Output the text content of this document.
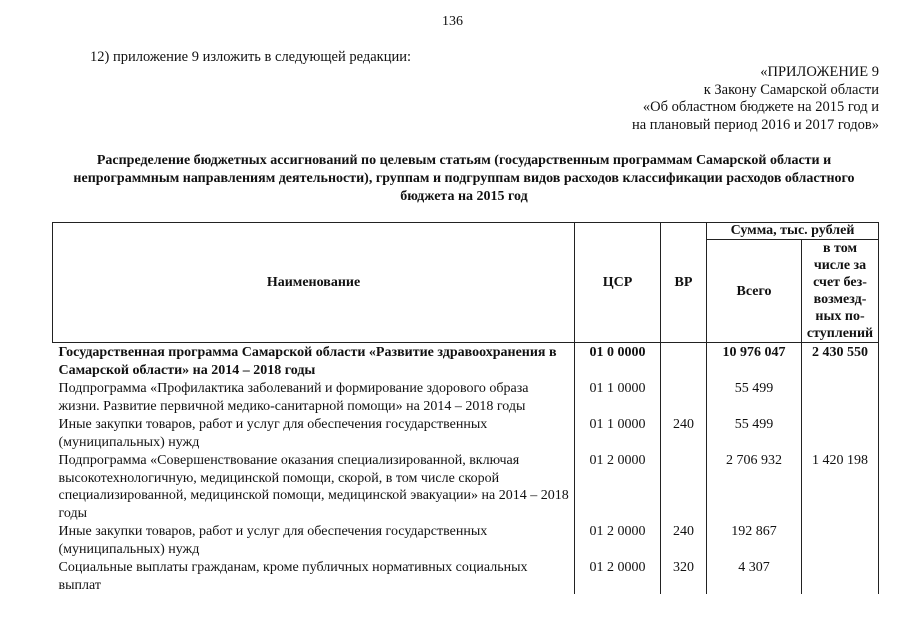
136
12) приложение 9 изложить в следующей редакции:
«ПРИЛОЖЕНИЕ 9
к Закону Самарской области
«Об областном бюджете на 2015 год и
на плановый период 2016 и 2017 годов»
Распределение бюджетных ассигнований по целевым статьям (государственным программам Самарской области и непрограммным направлениям деятельности), группам и подгруппам видов расходов классификации расходов областного бюджета на 2015 год
Наименование	ЦСР	ВР	Сумма, тыс. рублей	
			Всего	в том числе за счет без-возмезд-ных по-ступлений
Государственная программа Самарской области «Развитие здравоохранения в Самарской области» на 2014 – 2018 годы	01 0 0000		10 976 047	2 430 550
Подпрограмма «Профилактика заболеваний и формирование здорового образа жизни. Развитие первичной медико-санитарной помощи» на 2014 – 2018 годы	01 1 0000		55 499	
Иные закупки товаров, работ и услуг для обеспечения государственных (муниципальных) нужд	01 1 0000	240	55 499	
Подпрограмма «Совершенствование оказания специализированной, включая высокотехнологичную, медицинской помощи, скорой, в том числе скорой специализированной, медицинской помощи, медицинской эвакуации» на 2014 – 2018 годы	01 2 0000		2 706 932	1 420 198
Иные закупки товаров, работ и услуг для обеспечения государственных (муниципальных) нужд	01 2 0000	240	192 867	
Социальные выплаты гражданам, кроме публичных нормативных социальных выплат	01 2 0000	320	4 307	
